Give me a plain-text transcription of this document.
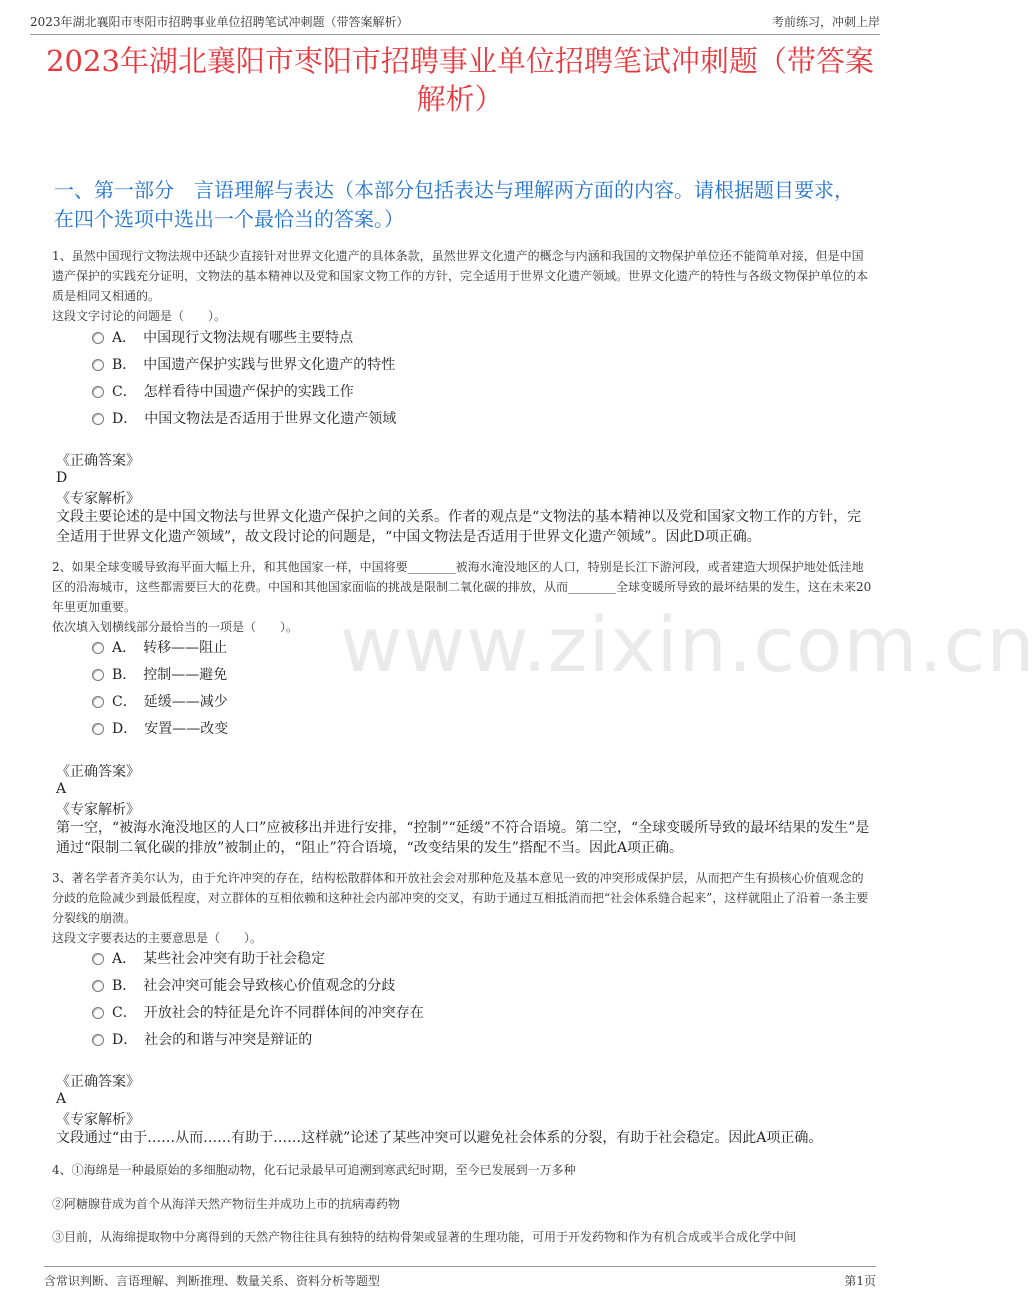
2023年湖北襄阳市枣阳市招聘事业单位招聘笔试冲刺题（带答案解析）	考前练习，冲刺上岸
2023年湖北襄阳市枣阳市招聘事业单位招聘笔试冲刺题（带答案解析）
一、第一部分　言语理解与表达（本部分包括表达与理解两方面的内容。请根据题目要求，在四个选项中选出一个最恰当的答案。）
1、虽然中国现行文物法规中还缺少直接针对世界文化遗产的具体条款，虽然世界文化遗产的概念与内涵和我国的文物保护单位还不能简单对接，但是中国遗产保护的实践充分证明，文物法的基本精神以及党和国家文物工作的方针，完全适用于世界文化遗产领域。世界文化遗产的特性与各级文物保护单位的本质是相同又相通的。
这段文字讨论的问题是（　　）。
A．　中国现行文物法规有哪些主要特点
B．　中国遗产保护实践与世界文化遗产的特性
C．　怎样看待中国遗产保护的实践工作
D．　中国文物法是否适用于世界文化遗产领域
《正确答案》
D
《专家解析》
文段主要论述的是中国文物法与世界文化遗产保护之间的关系。作者的观点是“文物法的基本精神以及党和国家文物工作的方针，完全适用于世界文化遗产领域”，故文段讨论的问题是，“中国文物法是否适用于世界文化遗产领域”。因此D项正确。
2、如果全球变暖导致海平面大幅上升，和其他国家一样，中国将要________被海水淹没地区的人口，特别是长江下游河段，或者建造大坝保护地处低洼地区的沿海城市，这些都需要巨大的花费。中国和其他国家面临的挑战是限制二氧化碳的排放，从而________全球变暖所导致的最坏结果的发生，这在未来20年里更加重要。
依次填入划横线部分最恰当的一项是（　　）。
A．　转移——阻止
B．　控制——避免
C．　延缓——减少
D．　安置——改变
《正确答案》
A
《专家解析》
第一空，“被海水淹没地区的人口”应被移出并进行安排，“控制”“延缓”不符合语境。第二空，“全球变暖所导致的最坏结果的发生”是通过“限制二氧化碳的排放”被制止的，“阻止”符合语境，“改变结果的发生”搭配不当。因此A项正确。
3、著名学者齐美尔认为，由于允许冲突的存在，结构松散群体和开放社会会对那种危及基本意见一致的冲突形成保护层，从而把产生有损核心价值观念的分歧的危险减少到最低程度，对立群体的互相依赖和这种社会内部冲突的交叉，有助于通过互相抵消而把“社会体系缝合起来”，这样就阻止了沿着一条主要分裂线的崩溃。
这段文字要表达的主要意思是（　　）。
A．　某些社会冲突有助于社会稳定
B．　社会冲突可能会导致核心价值观念的分歧
C．　开放社会的特征是允许不同群体间的冲突存在
D．　社会的和谐与冲突是辩证的
《正确答案》
A
《专家解析》
文段通过“由于……从而……有助于……这样就”论述了某些冲突可以避免社会体系的分裂，有助于社会稳定。因此A项正确。
4、①海绵是一种最原始的多细胞动物，化石记录最早可追溯到寒武纪时期，至今已发展到一万多种
②阿糖腺苷成为首个从海洋天然产物衍生并成功上市的抗病毒药物
③目前，从海绵提取物中分离得到的天然产物往往具有独特的结构骨架或显著的生理功能，可用于开发药物和作为有机合成或半合成化学中间
www.zixin.com.cn
含常识判断、言语理解、判断推理、数量关系、资料分析等题型	第1页
